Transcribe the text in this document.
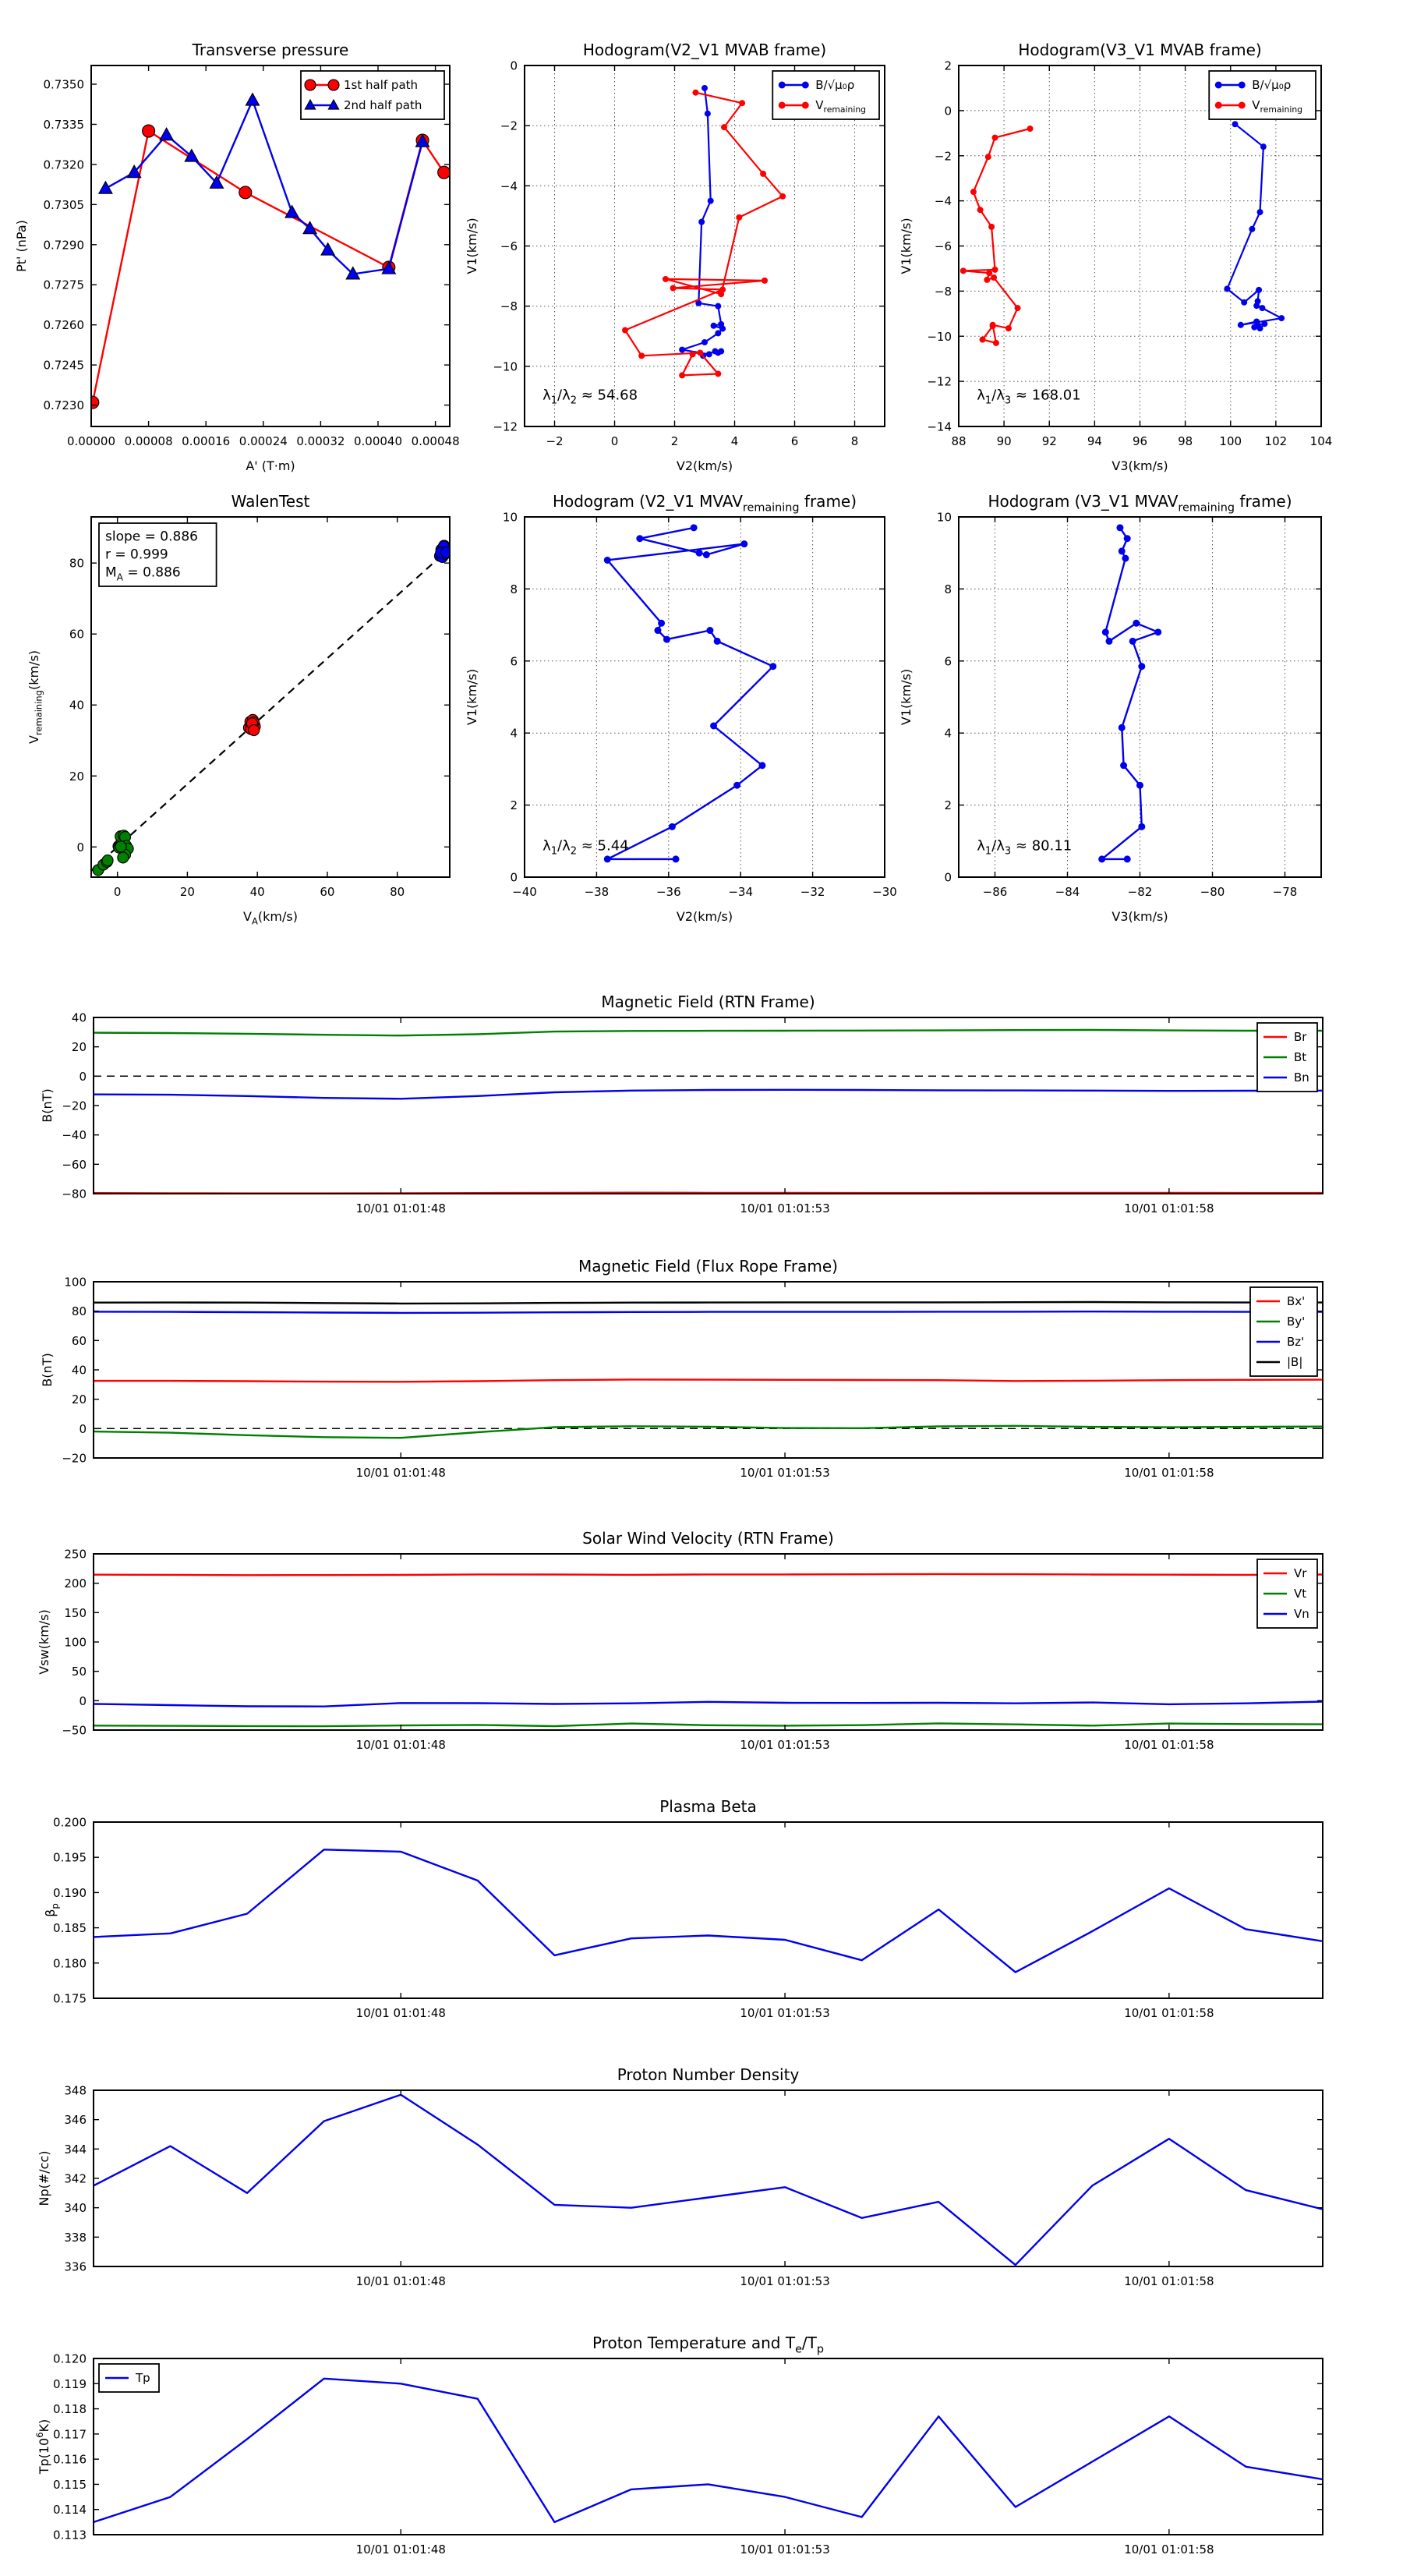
0.00000 0.00008 0.00016 0.00024 0.00032 0.00040 0.00048
0.7230
0.7245
0.7260
0.7275
0.7290
0.7305
0.7320
0.7335
0.7350
Transverse pressure
A' (T·m)
Pt' (nPa)
1st half path
2nd half path
−2	0	2	4	6	8
0
−2
−4
−6
−8
−10
−12
Hodogram(V2_V1 MVAB frame)
V2(km/s)
V1(km/s)
$\lambda_1/\lambda_2 \approx 54.68$
B/√μ₀ρ
$V_{remaining}$
88	90	92	94	96	98 100 102 104
2
0
−2
−4
−6
−8
−10
−12
−14
Hodogram(V3_V1 MVAB frame)
V3(km/s)
V1(km/s)
$\lambda_1/\lambda_3 \approx 168.01$
B/√μ₀ρ
$V_{remaining}$
0	20	40	60	80
0
20
40
60
80
WalenTest
$V_A(km/s)$
$V_{remaining}(km/s)$
slope = 0.886
r = 0.999
$M_A = 0.886$
−40	−38	−36	−34	−32	−30
0
2
4
6
8
10
Hodogram (V2_V1 $MVAV_{remaining}$ frame)
V2(km/s)
V1(km/s)
$\lambda_1/\lambda_2 \approx 5.44$
−86	−84	−82	−80	−78
0
2
4
6
8
10
Hodogram (V3_V1 $MVAV_{remaining}$ frame)
V3(km/s)
V1(km/s)
$\lambda_1/\lambda_3 \approx 80.11$
10/01 01:01:48	10/01 01:01:53	10/01 01:01:58
40
20
0
−20
−40
−60
−80
Magnetic Field (RTN Frame)
B(nT)
Br
Bt
Bn
10/01 01:01:48	10/01 01:01:53	10/01 01:01:58
100
80
60
40
20
0
−20
Magnetic Field (Flux Rope Frame)
B(nT)
Bx'
By'
Bz'
|B|
10/01 01:01:48	10/01 01:01:53	10/01 01:01:58
250
200
150
100
50
0
−50
Solar Wind Velocity (RTN Frame)
Vsw(km/s)
Vr
Vt
Vn
10/01 01:01:48	10/01 01:01:53	10/01 01:01:58
0.200
0.195
0.190
0.185
0.180
0.175
Plasma Beta
$\beta_p$
10/01 01:01:48	10/01 01:01:53	10/01 01:01:58
348
346
344
342
340
338
336
Proton Number Density
Np(#/cc)
10/01 01:01:48	10/01 01:01:53	10/01 01:01:58
0.120
0.119
0.118
0.117
0.116
0.115
0.114
0.113
Proton Temperature and $T_e/T_p$
$Tp(10^6K)$
Tp
